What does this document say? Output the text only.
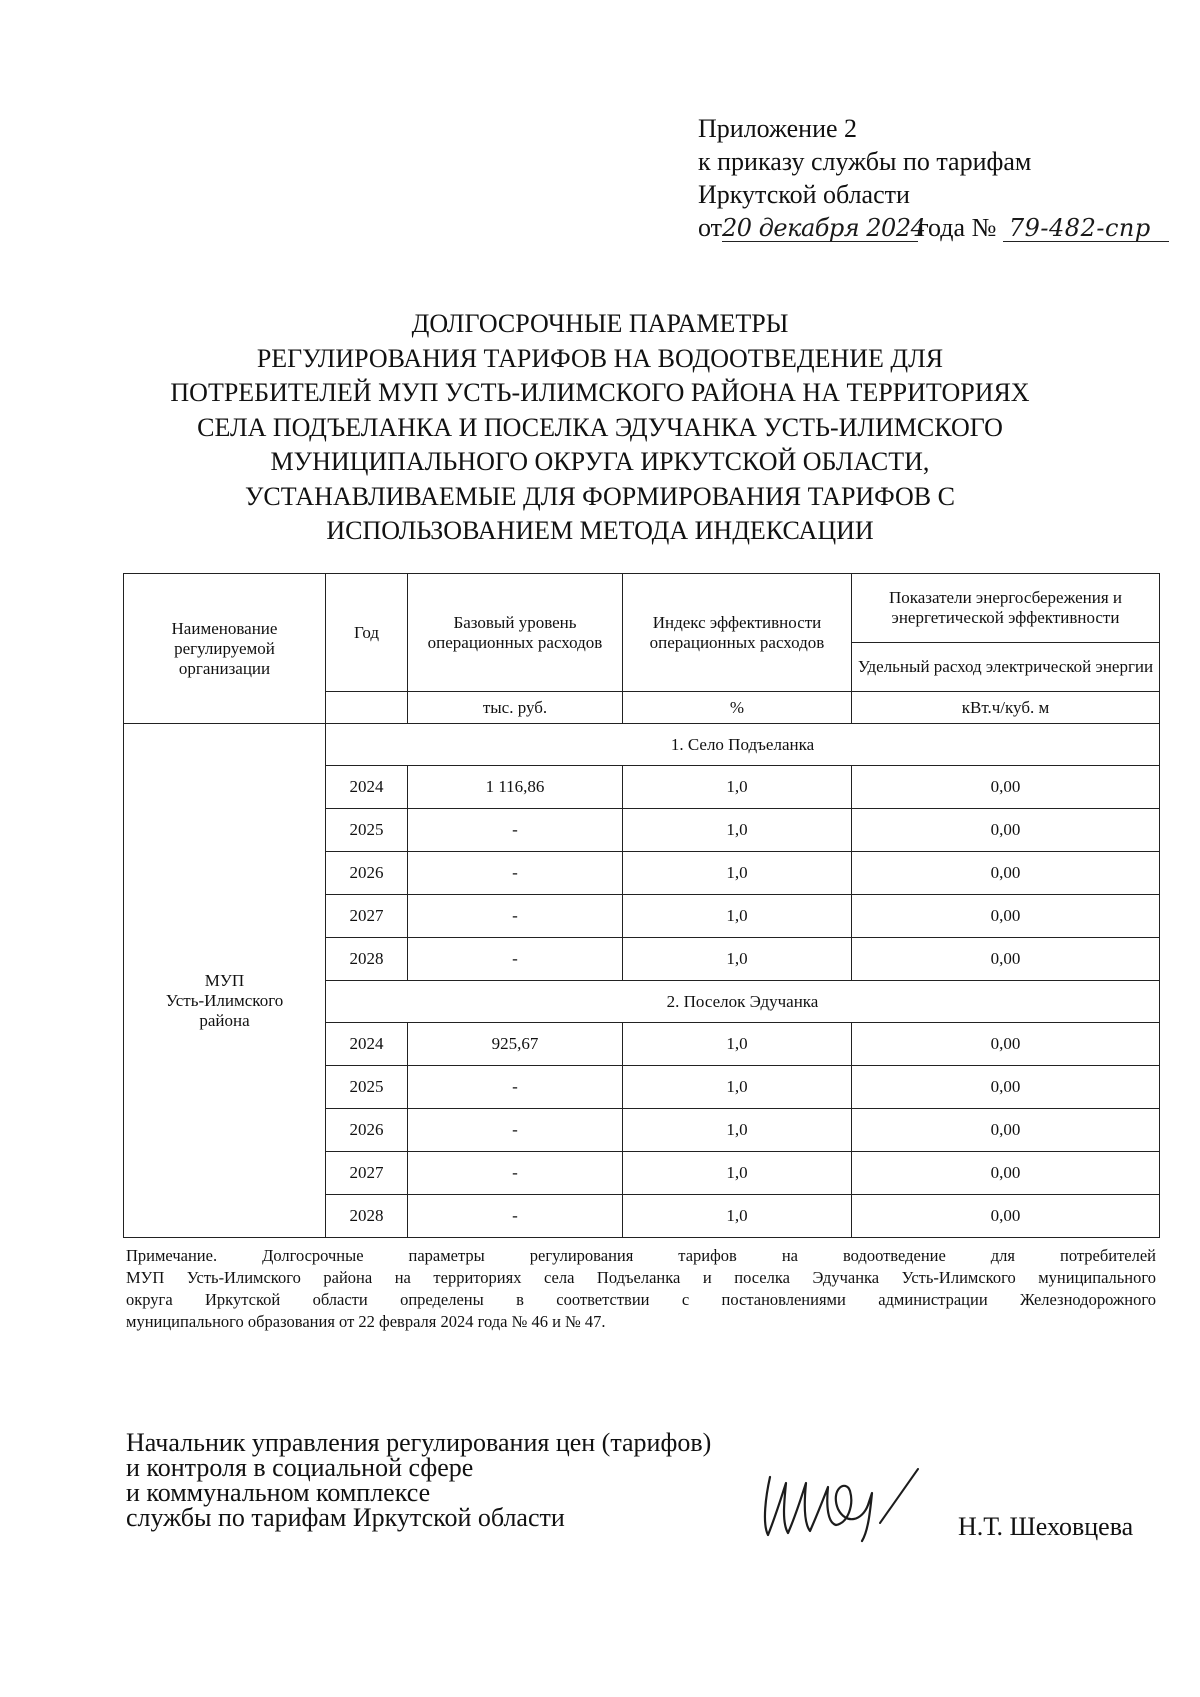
Приложение 2
к приказу службы по тарифам
Иркутской области
от20 декабря 2024года № 79-482-спр
ДОЛГОСРОЧНЫЕ ПАРАМЕТРЫ
РЕГУЛИРОВАНИЯ ТАРИФОВ НА ВОДООТВЕДЕНИЕ ДЛЯ
ПОТРЕБИТЕЛЕЙ МУП УСТЬ-ИЛИМСКОГО РАЙОНА НА ТЕРРИТОРИЯХ
СЕЛА ПОДЪЕЛАНКА И ПОСЕЛКА ЭДУЧАНКА УСТЬ-ИЛИМСКОГО
МУНИЦИПАЛЬНОГО ОКРУГА ИРКУТСКОЙ ОБЛАСТИ,
УСТАНАВЛИВАЕМЫЕ ДЛЯ ФОРМИРОВАНИЯ ТАРИФОВ С
ИСПОЛЬЗОВАНИЕМ МЕТОДА ИНДЕКСАЦИИ
Наименование регулируемой организации	Год	Базовый уровень операционных расходов	Индекс эффективности операционных расходов	Показатели энергосбережения и энергетической эффективности
				Удельный расход электрической энергии
		тыс. руб.	%	кВт.ч/куб. м
	1. Село Подъеланка			
МУП
Усть-Илимского
района	2024	1 116,86	1,0	0,00
	2025	-	1,0	0,00
	2026	-	1,0	0,00
	2027	-	1,0	0,00
	2028	-	1,0	0,00
	2. Поселок Эдучанка			
	2024	925,67	1,0	0,00
	2025	-	1,0	0,00
	2026	-	1,0	0,00
	2027	-	1,0	0,00
	2028	-	1,0	0,00
Примечание. Долгосрочные параметры регулирования тарифов на водоотведение для потребителей
МУП Усть-Илимского района на территориях села Подъеланка и поселка Эдучанка Усть-Илимского муниципального
округа Иркутской области определены в соответствии с постановлениями администрации Железнодорожного
муниципального образования от 22 февраля 2024 года № 46 и № 47.
Начальник управления регулирования цен (тарифов)
и контроля в социальной сфере
и коммунальном комплексе
службы по тарифам Иркутской области	Н.Т. Шеховцева
